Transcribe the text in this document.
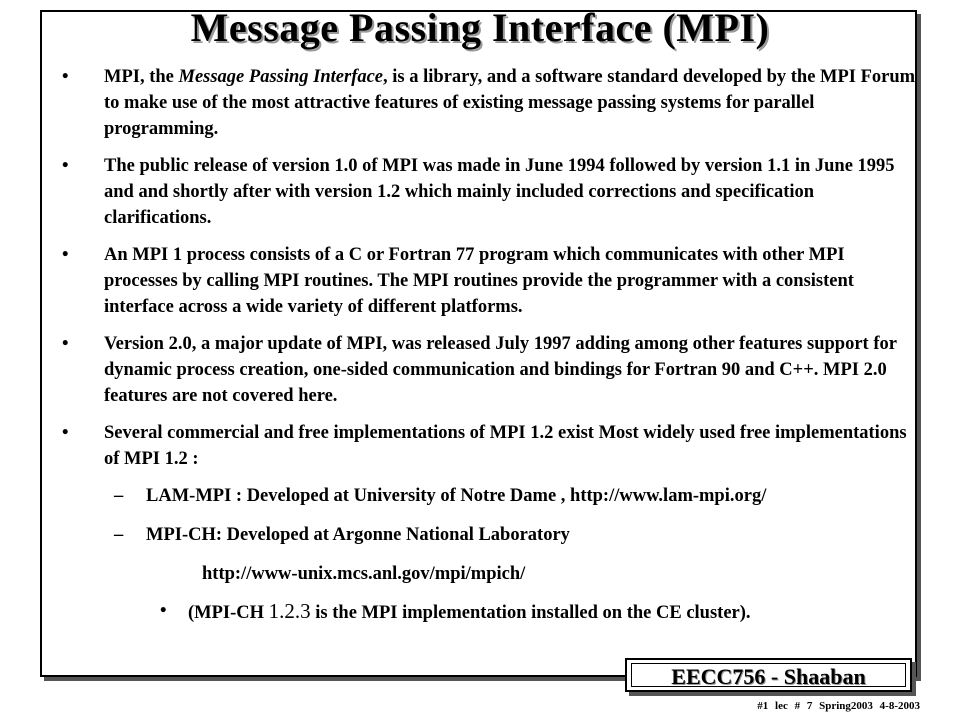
Message Passing Interface (MPI)
• MPI, the Message Passing Interface, is a library, and a software standard developed by the MPI Forum to make use of the most attractive features of existing message passing systems for parallel programming.
• The public release of version 1.0 of MPI was made in June 1994 followed by version 1.1 in June 1995 and and shortly after with version 1.2 which mainly included corrections and specification clarifications.
• An MPI 1 process consists of a C or Fortran 77 program which communicates with other MPI processes by calling MPI routines. The MPI routines provide the programmer with a consistent interface across a wide variety of different platforms.
• Version 2.0, a major update of MPI, was released July 1997 adding among other features support for dynamic process creation, one-sided communication and bindings for Fortran 90 and C++. MPI 2.0 features are not covered here.
• Several commercial and free implementations of MPI 1.2 exist Most widely used free implementations of MPI 1.2 :
– LAM-MPI : Developed at University of Notre Dame , http://www.lam-mpi.org/
– MPI-CH: Developed at Argonne National Laboratory
http://www-unix.mcs.anl.gov/mpi/mpich/
• (MPI-CH 1.2.3 is the MPI implementation installed on the CE cluster).
EECC756 - Shaaban
#1 lec # 7 Spring2003 4-8-2003
